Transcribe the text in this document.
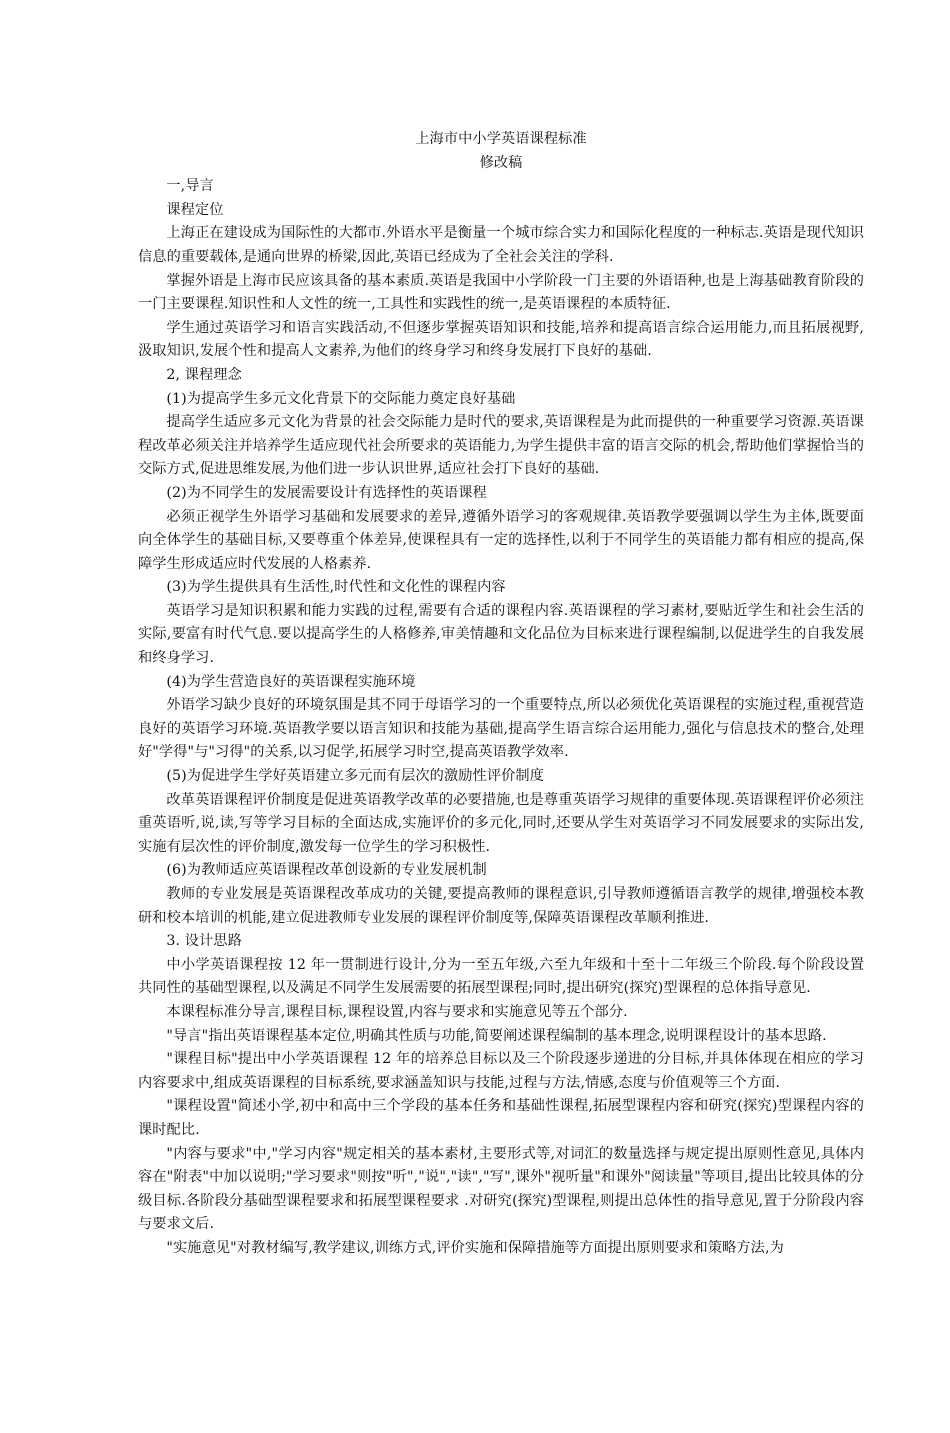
上海市中小学英语课程标准

修改稿

一,导言

课程定位

上海正在建设成为国际性的大都市.外语水平是衡量一个城市综合实力和国际化程度的一种标志.英语是现代知识信息的重要载体,是通向世界的桥梁,因此,英语已经成为了全社会关注的学科.

掌握外语是上海市民应该具备的基本素质.英语是我国中小学阶段一门主要的外语语种,也是上海基础教育阶段的一门主要课程.知识性和人文性的统一,工具性和实践性的统一,是英语课程的本质特征.

学生通过英语学习和语言实践活动,不但逐步掌握英语知识和技能,培养和提高语言综合运用能力,而且拓展视野,汲取知识,发展个性和提高人文素养,为他们的终身学习和终身发展打下良好的基础.

2, 课程理念

(1)为提高学生多元文化背景下的交际能力奠定良好基础

提高学生适应多元文化为背景的社会交际能力是时代的要求,英语课程是为此而提供的一种重要学习资源.英语课程改革必须关注并培养学生适应现代社会所要求的英语能力,为学生提供丰富的语言交际的机会,帮助他们掌握恰当的交际方式,促进思维发展,为他们进一步认识世界,适应社会打下良好的基础.

(2)为不同学生的发展需要设计有选择性的英语课程

必须正视学生外语学习基础和发展要求的差异,遵循外语学习的客观规律.英语教学要强调以学生为主体,既要面向全体学生的基础目标,又要尊重个体差异,使课程具有一定的选择性,以利于不同学生的英语能力都有相应的提高,保障学生形成适应时代发展的人格素养.

(3)为学生提供具有生活性,时代性和文化性的课程内容

英语学习是知识积累和能力实践的过程,需要有合适的课程内容.英语课程的学习素材,要贴近学生和社会生活的实际,要富有时代气息.要以提高学生的人格修养,审美情趣和文化品位为目标来进行课程编制,以促进学生的自我发展和终身学习.

(4)为学生营造良好的英语课程实施环境

外语学习缺少良好的环境氛围是其不同于母语学习的一个重要特点,所以必须优化英语课程的实施过程,重视营造良好的英语学习环境.英语教学要以语言知识和技能为基础,提高学生语言综合运用能力,强化与信息技术的整合,处理好"学得"与"习得"的关系,以习促学,拓展学习时空,提高英语教学效率.

(5)为促进学生学好英语建立多元而有层次的激励性评价制度

改革英语课程评价制度是促进英语教学改革的必要措施,也是尊重英语学习规律的重要体现.英语课程评价必须注重英语听,说,读,写等学习目标的全面达成,实施评价的多元化,同时,还要从学生对英语学习不同发展要求的实际出发,实施有层次性的评价制度,激发每一位学生的学习积极性.

(6)为教师适应英语课程改革创设新的专业发展机制

教师的专业发展是英语课程改革成功的关键,要提高教师的课程意识,引导教师遵循语言教学的规律,增强校本教研和校本培训的机能,建立促进教师专业发展的课程评价制度等,保障英语课程改革顺利推进.

3. 设计思路

中小学英语课程按 12 年一贯制进行设计,分为一至五年级,六至九年级和十至十二年级三个阶段.每个阶段设置共同性的基础型课程,以及满足不同学生发展需要的拓展型课程;同时,提出研究(探究)型课程的总体指导意见.

本课程标准分导言,课程目标,课程设置,内容与要求和实施意见等五个部分.

"导言"指出英语课程基本定位,明确其性质与功能,简要阐述课程编制的基本理念,说明课程设计的基本思路.

"课程目标"提出中小学英语课程 12 年的培养总目标以及三个阶段逐步递进的分目标,并具体体现在相应的学习内容要求中,组成英语课程的目标系统,要求涵盖知识与技能,过程与方法,情感,态度与价值观等三个方面.

"课程设置"简述小学,初中和高中三个学段的基本任务和基础性课程,拓展型课程内容和研究(探究)型课程内容的课时配比.

"内容与要求"中,"学习内容"规定相关的基本素材,主要形式等,对词汇的数量选择与规定提出原则性意见,具体内容在"附表"中加以说明;"学习要求"则按"听","说","读","写",课外"视听量"和课外"阅读量"等项目,提出比较具体的分级目标.各阶段分基础型课程要求和拓展型课程要求 .对研究(探究)型课程,则提出总体性的指导意见,置于分阶段内容与要求文后.

"实施意见"对教材编写,教学建议,训练方式,评价实施和保障措施等方面提出原则要求和策略方法,为
